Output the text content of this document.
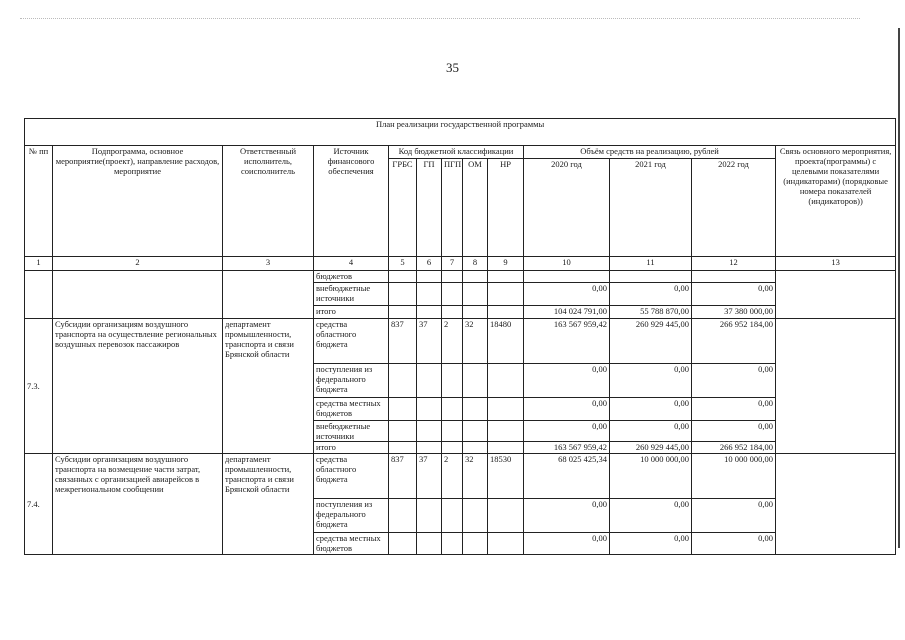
35
План реализации государственной программы												
№ пп	Подпрограмма, основное мероприятие(проект), направление расходов, мероприятие	Ответственный исполнитель, соисполнитель	Источник финансового обеспечения	Код бюджетной классификации					Объём средств на реализацию, рублей			Связь основного мероприятия, проекта(программы) с целевыми показателями (индикаторами) (порядковые номера показателей (индикаторов))
				ГРБС	ГП	ПГП	ОМ	НР	2020 год	2021 год	2022 год	
1	2	3	4	5	6	7	8	9	10	11	12	13
			бюджетов									
			внебюджетные источники						0,00	0,00	0,00	
			итого						104 024 791,00	55 788 870,00	37 380 000,00	
7.3.	Субсидии организациям воздушного транспорта на осуществление региональных воздушных перевозок пассажиров	департамент промышленности, транспорта и связи Брянской области	средства областного бюджета	837	37	2	32	18480	163 567 959,42	260 929 445,00	266 952 184,00	
			поступления из федерального бюджета						0,00	0,00	0,00	
			средства местных бюджетов						0,00	0,00	0,00	
			внебюджетные источники						0,00	0,00	0,00	
			итого						163 567 959,42	260 929 445,00	266 952 184,00	
7.4.	Субсидии организациям воздушного транспорта на возмещение части затрат, связанных с организацией авиарейсов в межрегиональном сообщении	департамент промышленности, транспорта и связи Брянской области	средства областного бюджета	837	37	2	32	18530	68 025 425,34	10 000 000,00	10 000 000,00	
			поступления из федерального бюджета						0,00	0,00	0,00	
			средства местных бюджетов						0,00	0,00	0,00	
